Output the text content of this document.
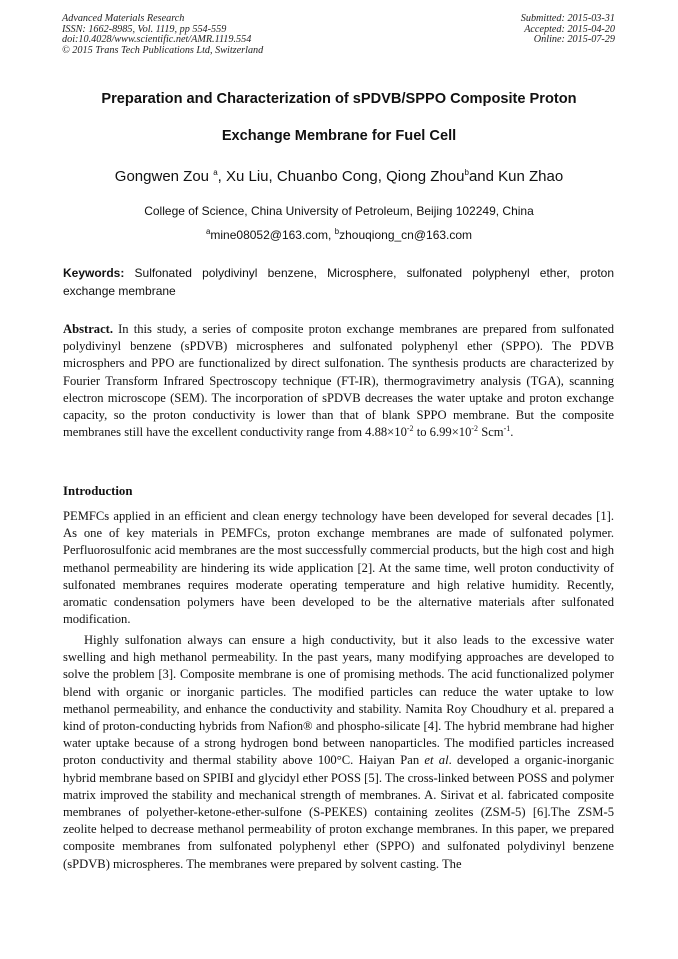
Advanced Materials Research
ISSN: 1662-8985, Vol. 1119, pp 554-559
doi:10.4028/www.scientific.net/AMR.1119.554
© 2015 Trans Tech Publications Ltd, Switzerland
Submitted: 2015-03-31
Accepted: 2015-04-20
Online: 2015-07-29
Preparation and Characterization of sPDVB/SPPO Composite Proton
Exchange Membrane for Fuel Cell
Gongwen Zou $^a$, Xu Liu, Chuanbo Cong, Qiong Zhou$^b$and Kun Zhao
College of Science, China University of Petroleum, Beijing 102249, China
$^a$mine08052@163.com, $^b$zhouqiong_cn@163.com
Keywords: Sulfonated polydivinyl benzene, Microsphere, sulfonated polyphenyl ether, proton exchange membrane
Abstract. In this study, a series of composite proton exchange membranes are prepared from sulfonated polydivinyl benzene (sPDVB) microspheres and sulfonated polyphenyl ether (SPPO). The PDVB microsphers and PPO are functionalized by direct sulfonation. The synthesis products are characterized by Fourier Transform Infrared Spectroscopy technique (FT-IR), thermogravimetry analysis (TGA), scanning electron microscope (SEM). The incorporation of sPDVB decreases the water uptake and proton exchange capacity, so the proton conductivity is lower than that of blank SPPO membrane. But the composite membranes still have the excellent conductivity range from $4.88\times 10^{-2}$ to $6.99\times 10^{-2}$ Scm$^{-1}$.
Introduction

PEMFCs applied in an efficient and clean energy technology have been developed for several decades [1]. As one of key materials in PEMFCs, proton exchange membranes are made of sulfonated polymer. Perfluorosulfonic acid membranes are the most successfully commercial products, but the high cost and high methanol permeability are hindering its wide application [2]. At the same time, well proton conductivity of sulfonated membranes requires moderate operating temperature and high relative humidity. Recently, aromatic condensation polymers have been developed to be the alternative materials after sulfonated modification.

Highly sulfonation always can ensure a high conductivity, but it also leads to the excessive water swelling and high methanol permeability. In the past years, many modifying approaches are developed to solve the problem [3]. Composite membrane is one of promising methods. The acid functionalized polymer blend with organic or inorganic particles. The modified particles can reduce the water uptake to low methanol permeability, and enhance the conductivity and stability. Namita Roy Choudhury et al. prepared a kind of proton-conducting hybrids from Nafion® and phospho-silicate [4]. The hybrid membrane had higher water uptake because of a strong hydrogen bond between nanoparticles. The modified particles increased proton conductivity and thermal stability above 100°C. Haiyan Pan et al. developed a organic-inorganic hybrid membrane based on SPIBI and glycidyl ether POSS [5]. The cross-linked between POSS and polymer matrix improved the stability and mechanical strength of membranes. A. Sirivat et al. fabricated composite membranes of polyether-ketone-ether-sulfone (S-PEKES) containing zeolites (ZSM-5) [6].The ZSM-5 zeolite helped to decrease methanol permeability of proton exchange membranes. In this paper, we prepared composite membranes from sulfonated polyphenyl ether (SPPO) and sulfonated polydivinyl benzene (sPDVB) microspheres. The membranes were prepared by solvent casting. The
